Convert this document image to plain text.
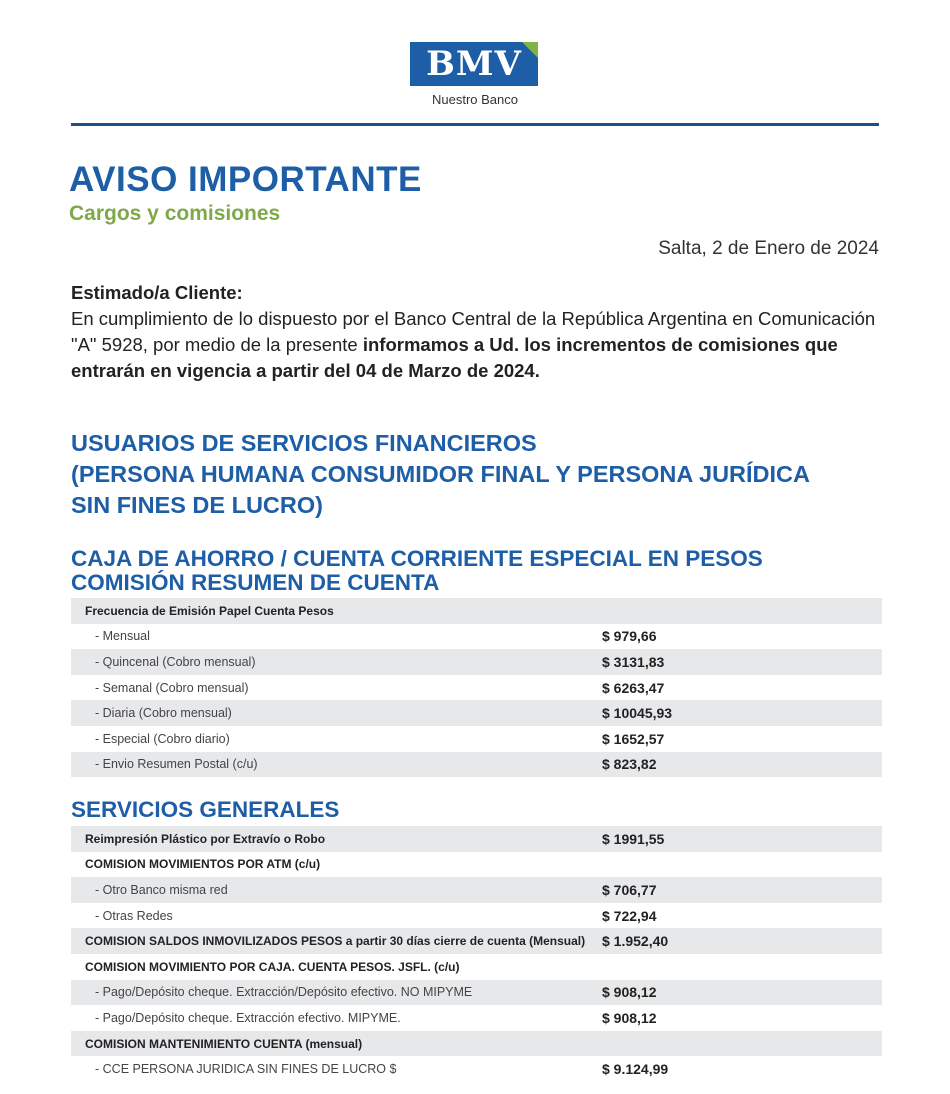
BMV
Nuestro Banco
AVISO IMPORTANTE
Cargos y comisiones
Salta, 2 de Enero de 2024
Estimado/a Cliente:
En cumplimiento de lo dispuesto por el Banco Central de la República Argentina en Comunicación "A" 5928, por medio de la presente informamos a Ud. los incrementos de comisiones que entrarán en vigencia a partir del 04 de Marzo de 2024.
USUARIOS DE SERVICIOS FINANCIEROS
(PERSONA HUMANA CONSUMIDOR FINAL Y PERSONA JURÍDICA
SIN FINES DE LUCRO)
CAJA DE AHORRO / CUENTA CORRIENTE ESPECIAL EN PESOS
COMISIÓN RESUMEN DE CUENTA
Frecuencia de Emisión Papel Cuenta Pesos	
- Mensual	$ 979,66
- Quincenal (Cobro mensual)	$ 3131,83
- Semanal (Cobro mensual)	$ 6263,47
- Diaria (Cobro mensual)	$ 10045,93
- Especial (Cobro diario)	$ 1652,57
- Envio Resumen Postal (c/u)	$ 823,82
SERVICIOS GENERALES
Reimpresión Plástico por Extravío o Robo	$ 1991,55
COMISION MOVIMIENTOS POR ATM (c/u)	
- Otro Banco misma red	$ 706,77
- Otras Redes	$ 722,94
COMISION SALDOS INMOVILIZADOS PESOS a partir 30 días cierre de cuenta (Mensual)	$ 1.952,40
COMISION MOVIMIENTO POR CAJA. CUENTA PESOS. JSFL. (c/u)	
- Pago/Depósito cheque. Extracción/Depósito efectivo. NO MIPYME	$ 908,12
- Pago/Depósito cheque. Extracción efectivo. MIPYME.	$ 908,12
COMISION MANTENIMIENTO CUENTA (mensual)	
- CCE PERSONA JURIDICA SIN FINES DE LUCRO $	$ 9.124,99
